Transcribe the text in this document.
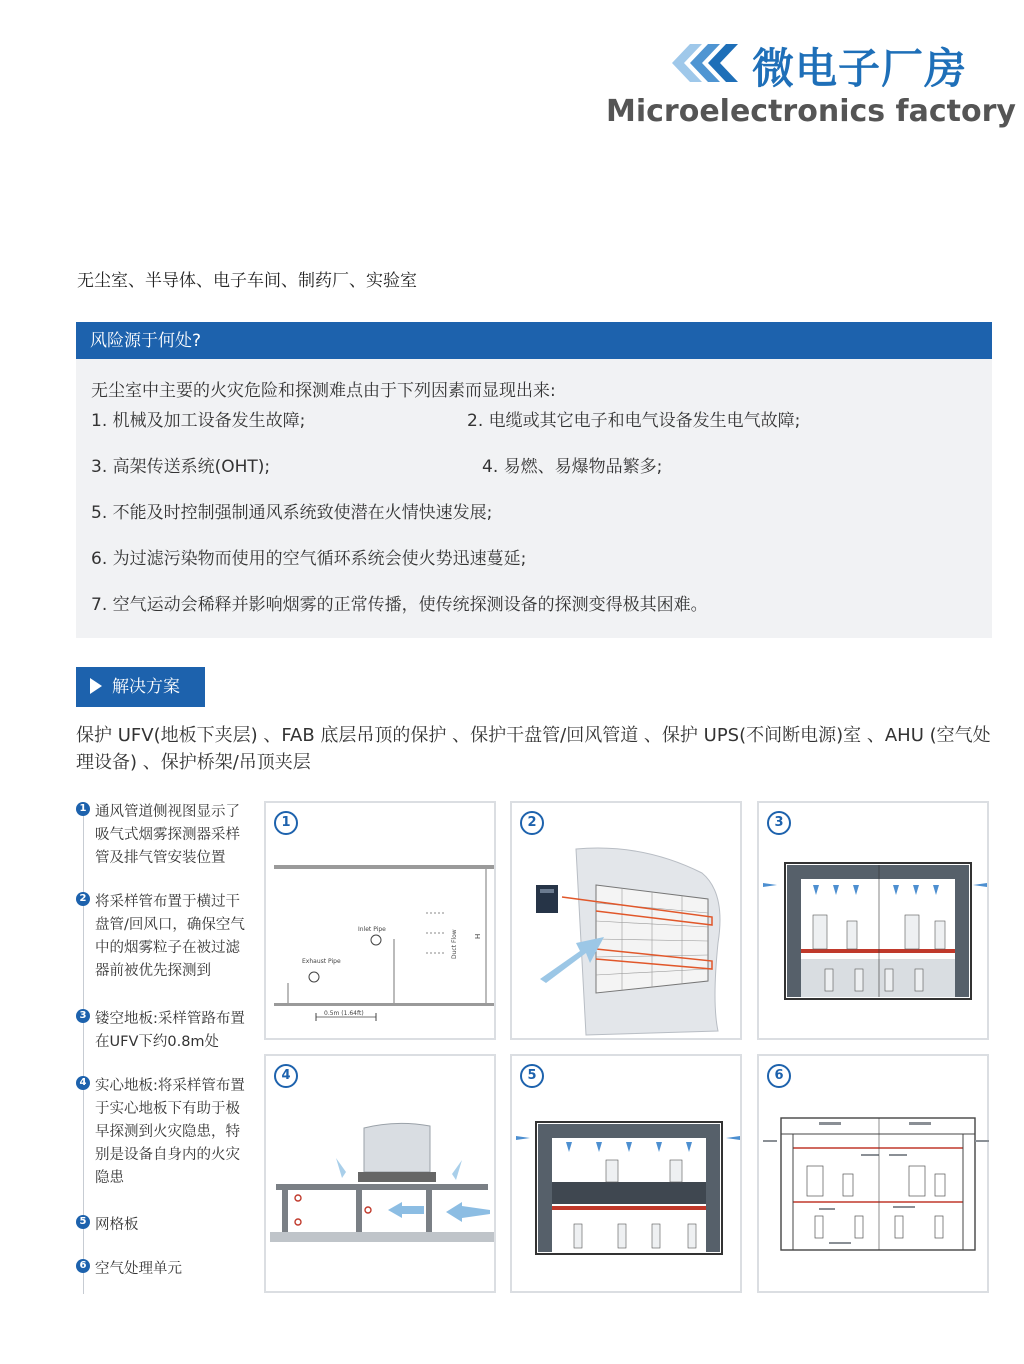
微电子厂房
Microelectronics factory
无尘室、半导体、电子车间、制药厂、实验室
风险源于何处?
无尘室中主要的火灾危险和探测难点由于下列因素而显现出来:
1. 机械及加工设备发生故障;	2. 电缆或其它电子和电气设备发生电气故障;
3. 高架传送系统(OHT);	4. 易燃、易爆物品繁多;
5. 不能及时控制强制通风系统致使潜在火情快速发展;
6. 为过滤污染物而使用的空气循环系统会使火势迅速蔓延;
7. 空气运动会稀释并影响烟雾的正常传播，使传统探测设备的探测变得极其困难。
解决方案
保护 UFV(地板下夹层) 、FAB 底层吊顶的保护 、保护干盘管/回风管道 、保护 UPS(不间断电源)室 、AHU (空气处理设备) 、保护桥架/吊顶夹层
1 通风管道侧视图显示了吸气式烟雾探测器采样管及排气管安装位置
2 将采样管布置于横过干盘管/回风口，确保空气中的烟雾粒子在被过滤器前被优先探测到
3 镂空地板:采样管路布置在UFV下约0.8m处
4 实心地板:将采样管布置于实心地板下有助于极早探测到火灾隐患，特别是设备自身内的火灾隐患
5 网格板
6 空气处理单元
Inlet Pipe
Exhaust Pipe
Duct Flow H
0.5m (1.64ft)
1	2	3
4	5	6
